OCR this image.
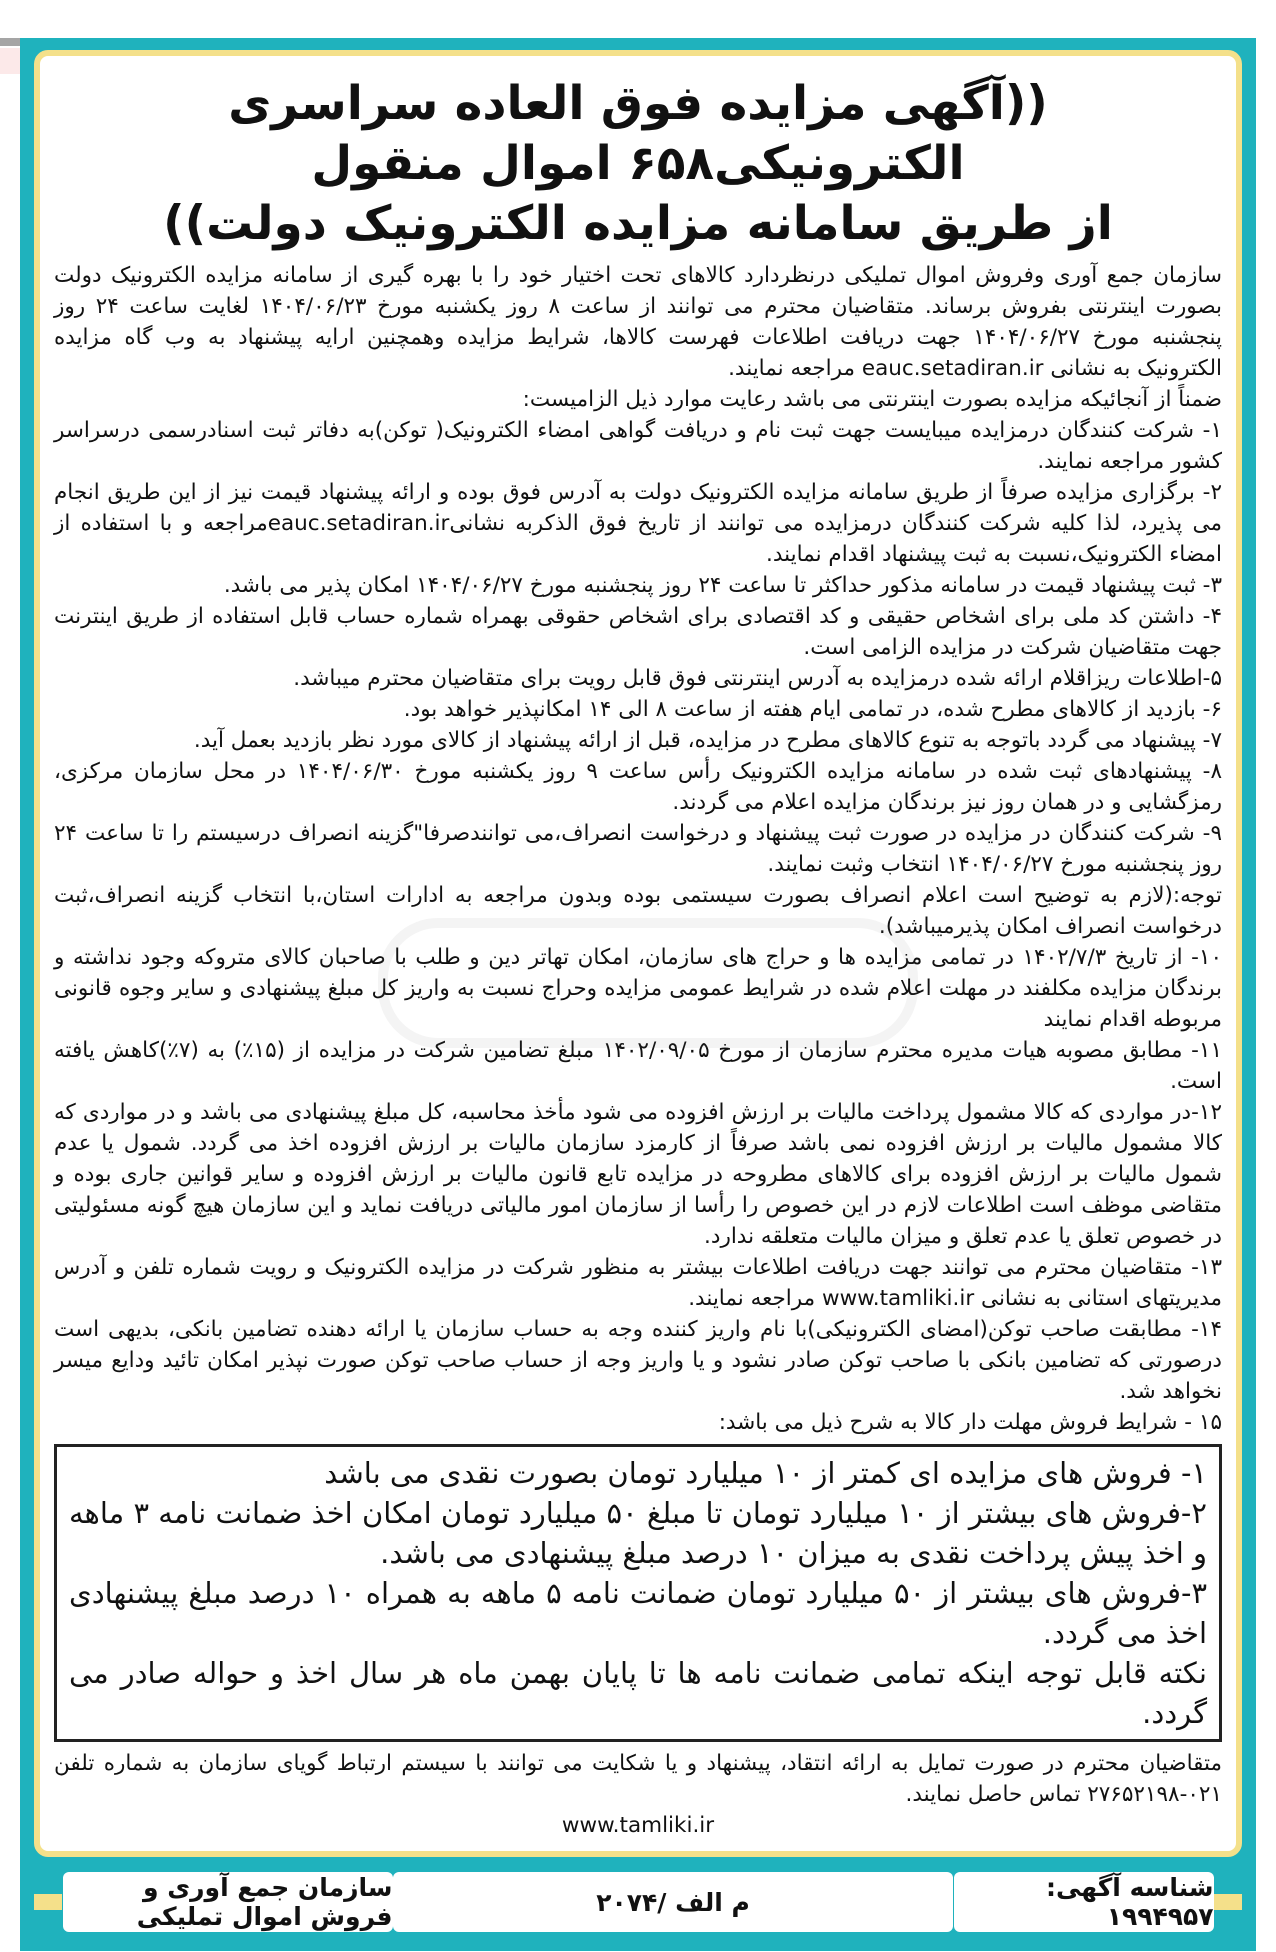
((آگهی مزایده فوق العاده سراسری الکترونیکی۶۵۸ اموال منقول
از طریق سامانه مزایده الکترونیک دولت))

سازمان جمع آوری وفروش اموال تملیکی درنظردارد کالاهای تحت اختیار خود را با بهره گیری از سامانه مزایده الکترونیک دولت بصورت اینترنتی بفروش برساند. متقاضیان محترم می توانند از ساعت ۸ روز یکشنبه مورخ ۱۴۰۴/۰۶/۲۳ لغایت ساعت ۲۴ روز پنجشنبه مورخ ۱۴۰۴/۰۶/۲۷ جهت دریافت اطلاعات فهرست کالاها، شرایط مزایده وهمچنین ارایه پیشنهاد به وب گاه مزایده الکترونیک به نشانی eauc.setadiran.ir مراجعه نمایند.

ضمناً از آنجائیکه مزایده بصورت اینترنتی می باشد رعایت موارد ذیل الزامیست:

۱- شرکت کنندگان درمزایده میبایست جهت ثبت نام و دریافت گواهی امضاء الکترونیک( توکن)به دفاتر ثبت اسنادرسمی درسراسر کشور مراجعه نمایند.

۲- برگزاری مزایده صرفاً از طریق سامانه مزایده الکترونیک دولت به آدرس فوق بوده و ارائه پیشنهاد قیمت نیز از این طریق انجام می پذیرد، لذا کلیه شرکت کنندگان درمزایده می توانند از تاریخ فوق الذکربه نشانیeauc.setadiran.irمراجعه و با استفاده از امضاء الکترونیک،نسبت به ثبت پیشنهاد اقدام نمایند.

۳- ثبت پیشنهاد قیمت در سامانه مذکور حداکثر تا ساعت ۲۴ روز پنجشنبه مورخ ۱۴۰۴/۰۶/۲۷ امکان پذیر می باشد.

۴- داشتن کد ملی برای اشخاص حقیقی و کد اقتصادی برای اشخاص حقوقی بهمراه شماره حساب قابل استفاده از طریق اینترنت جهت متقاضیان شرکت در مزایده الزامی است.

۵-اطلاعات ریزاقلام ارائه شده درمزایده به آدرس اینترنتی فوق قابل رویت برای متقاضیان محترم میباشد.

۶- بازدید از کالاهای مطرح شده، در تمامی ایام هفته از ساعت ۸ الی ۱۴ امکانپذیر خواهد بود.

۷- پیشنهاد می گردد باتوجه به تنوع کالاهای مطرح در مزایده، قبل از ارائه پیشنهاد از کالای مورد نظر بازدید بعمل آید.

۸- پیشنهادهای ثبت شده در سامانه مزایده الکترونیک رأس ساعت ۹ روز یکشنبه مورخ ۱۴۰۴/۰۶/۳۰ در محل سازمان مرکزی، رمزگشایی و در همان روز نیز برندگان مزایده اعلام می گردند.

۹- شرکت کنندگان در مزایده در صورت ثبت پیشنهاد و درخواست انصراف،می توانندصرفا"گزینه انصراف درسیستم را تا ساعت ۲۴ روز پنجشنبه مورخ ۱۴۰۴/۰۶/۲۷ انتخاب وثبت نمایند.

توجه:(لازم به توضیح است اعلام انصراف بصورت سیستمی بوده وبدون مراجعه به ادارات استان،با انتخاب گزینه انصراف،ثبت درخواست انصراف امکان پذیرمیباشد).

۱۰- از تاریخ ۱۴۰۲/۷/۳ در تمامی مزایده ها و حراج های سازمان، امکان تهاتر دین و طلب با صاحبان کالای متروکه وجود نداشته و برندگان مزایده مکلفند در مهلت اعلام شده در شرایط عمومی مزایده وحراج نسبت به واریز کل مبلغ پیشنهادی و سایر وجوه قانونی مربوطه اقدام نمایند

۱۱- مطابق مصوبه هیات مدیره محترم سازمان از مورخ ۱۴۰۲/۰۹/۰۵ مبلغ تضامین شرکت در مزایده از (۱۵٪) به (۷٪)کاهش یافته است.

۱۲-در مواردی که کالا مشمول پرداخت مالیات بر ارزش افزوده می شود مأخذ محاسبه، کل مبلغ پیشنهادی می باشد و در مواردی که کالا مشمول مالیات بر ارزش افزوده نمی باشد صرفاً از کارمزد سازمان مالیات بر ارزش افزوده اخذ می گردد. شمول یا عدم شمول مالیات بر ارزش افزوده برای کالاهای مطروحه در مزایده تابع قانون مالیات بر ارزش افزوده و سایر قوانین جاری بوده و متقاضی موظف است اطلاعات لازم در این خصوص را رأسا از سازمان امور مالیاتی دریافت نماید و این سازمان هیچ گونه مسئولیتی در خصوص تعلق یا عدم تعلق و میزان مالیات متعلقه ندارد.

۱۳- متقاضیان محترم می توانند جهت دریافت اطلاعات بیشتر به منظور شرکت در مزایده الکترونیک و رویت شماره تلفن و آدرس مدیریتهای استانی به نشانی www.tamliki.ir مراجعه نمایند.

۱۴- مطابقت صاحب توکن(امضای الکترونیکی)با نام واریز کننده وجه به حساب سازمان یا ارائه دهنده تضامین بانکی، بدیهی است درصورتی که تضامین بانکی با صاحب توکن صادر نشود و یا واریز وجه از حساب صاحب توکن صورت نپذیر امکان تائید ودایع میسر نخواهد شد.

۱۵ - شرایط فروش مهلت دار کالا به شرح ذیل می باشد:

۱- فروش های مزایده ای کمتر از ۱۰ میلیارد تومان بصورت نقدی می باشد

۲-فروش های بیشتر از ۱۰ میلیارد تومان تا مبلغ ۵۰ میلیارد تومان امکان اخذ ضمانت نامه ۳ ماهه و اخذ پیش پرداخت نقدی به میزان ۱۰ درصد مبلغ پیشنهادی می باشد.

۳-فروش های بیشتر از ۵۰ میلیارد تومان ضمانت نامه ۵ ماهه به همراه ۱۰ درصد مبلغ پیشنهادی اخذ می گردد.

نکته قابل توجه اینکه تمامی ضمانت نامه ها تا پایان بهمن ماه هر سال اخذ و حواله صادر می گردد.

متقاضیان محترم در صورت تمایل به ارائه انتقاد، پیشنهاد و یا شکایت می توانند با سیستم ارتباط گویای سازمان به شماره تلفن ۰۲۱-۲۷۶۵۲۱۹۸ تماس حاصل نمایند.

www.tamliki.ir

شناسه آگهی: ۱۹۹۴۹۵۷
م الف /۲۰۷۴
سازمان جمع آوری و فروش اموال تملیکی
